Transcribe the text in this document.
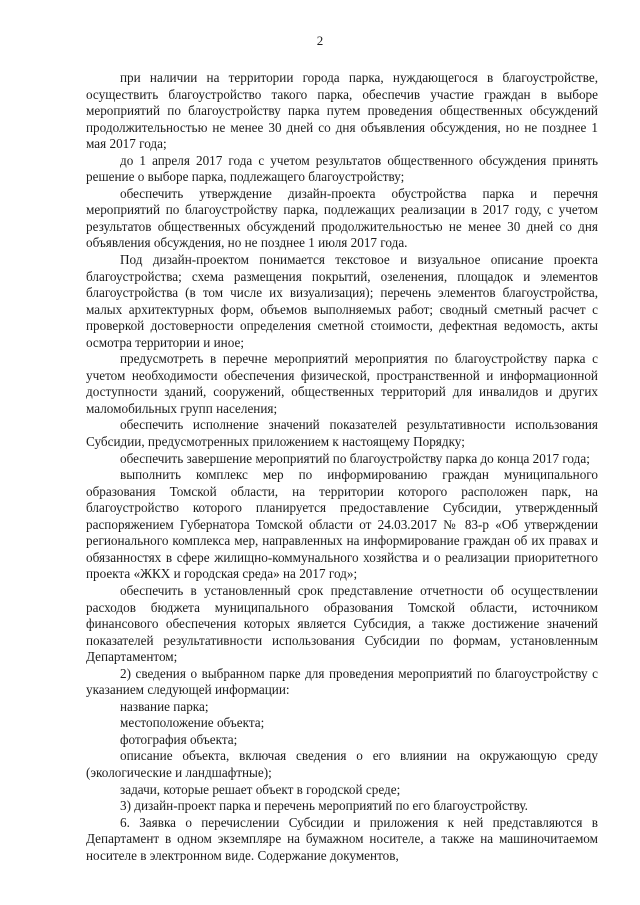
2

при наличии на территории города парка, нуждающегося в благоустройстве, осуществить благоустройство такого парка, обеспечив участие граждан в выборе мероприятий по благоустройству парка путем проведения общественных обсуждений продолжительностью не менее 30 дней со дня объявления обсуждения, но не позднее 1 мая 2017 года;

до 1 апреля 2017 года с учетом результатов общественного обсуждения принять решение о выборе парка, подлежащего благоустройству;

обеспечить утверждение дизайн-проекта обустройства парка и перечня мероприятий по благоустройству парка, подлежащих реализации в 2017 году, с учетом результатов общественных обсуждений продолжительностью не менее 30 дней со дня объявления обсуждения, но не позднее 1 июля 2017 года.

Под дизайн-проектом понимается текстовое и визуальное описание проекта благоустройства; схема размещения покрытий, озеленения, площадок и элементов благоустройства (в том числе их визуализация); перечень элементов благоустройства, малых архитектурных форм, объемов выполняемых работ; сводный сметный расчет с проверкой достоверности определения сметной стоимости, дефектная ведомость, акты осмотра территории и иное;

предусмотреть в перечне мероприятий мероприятия по благоустройству парка с учетом необходимости обеспечения физической, пространственной и информационной доступности зданий, сооружений, общественных территорий для инвалидов и других маломобильных групп населения;

обеспечить исполнение значений показателей результативности использования Субсидии, предусмотренных приложением к настоящему Порядку;

обеспечить завершение мероприятий по благоустройству парка до конца 2017 года;

выполнить комплекс мер по информированию граждан муниципального образования Томской области, на территории которого расположен парк, на благоустройство которого планируется предоставление Субсидии, утвержденный распоряжением Губернатора Томской области от 24.03.2017 № 83-р «Об утверждении регионального комплекса мер, направленных на информирование граждан об их правах и обязанностях в сфере жилищно-коммунального хозяйства и о реализации приоритетного проекта «ЖКХ и городская среда» на 2017 год»;

обеспечить в установленный срок представление отчетности об осуществлении расходов бюджета муниципального образования Томской области, источником финансового обеспечения которых является Субсидия, а также достижение значений показателей результативности использования Субсидии по формам, установленным Департаментом;

2) сведения о выбранном парке для проведения мероприятий по благоустройству с указанием следующей информации:

название парка;

местоположение объекта;

фотография объекта;

описание объекта, включая сведения о его влиянии на окружающую среду (экологические и ландшафтные);

задачи, которые решает объект в городской среде;

3) дизайн-проект парка и перечень мероприятий по его благоустройству.

6. Заявка о перечислении Субсидии и приложения к ней представляются в Департамент в одном экземпляре на бумажном носителе, а также на машиночитаемом носителе в электронном виде. Содержание документов,
